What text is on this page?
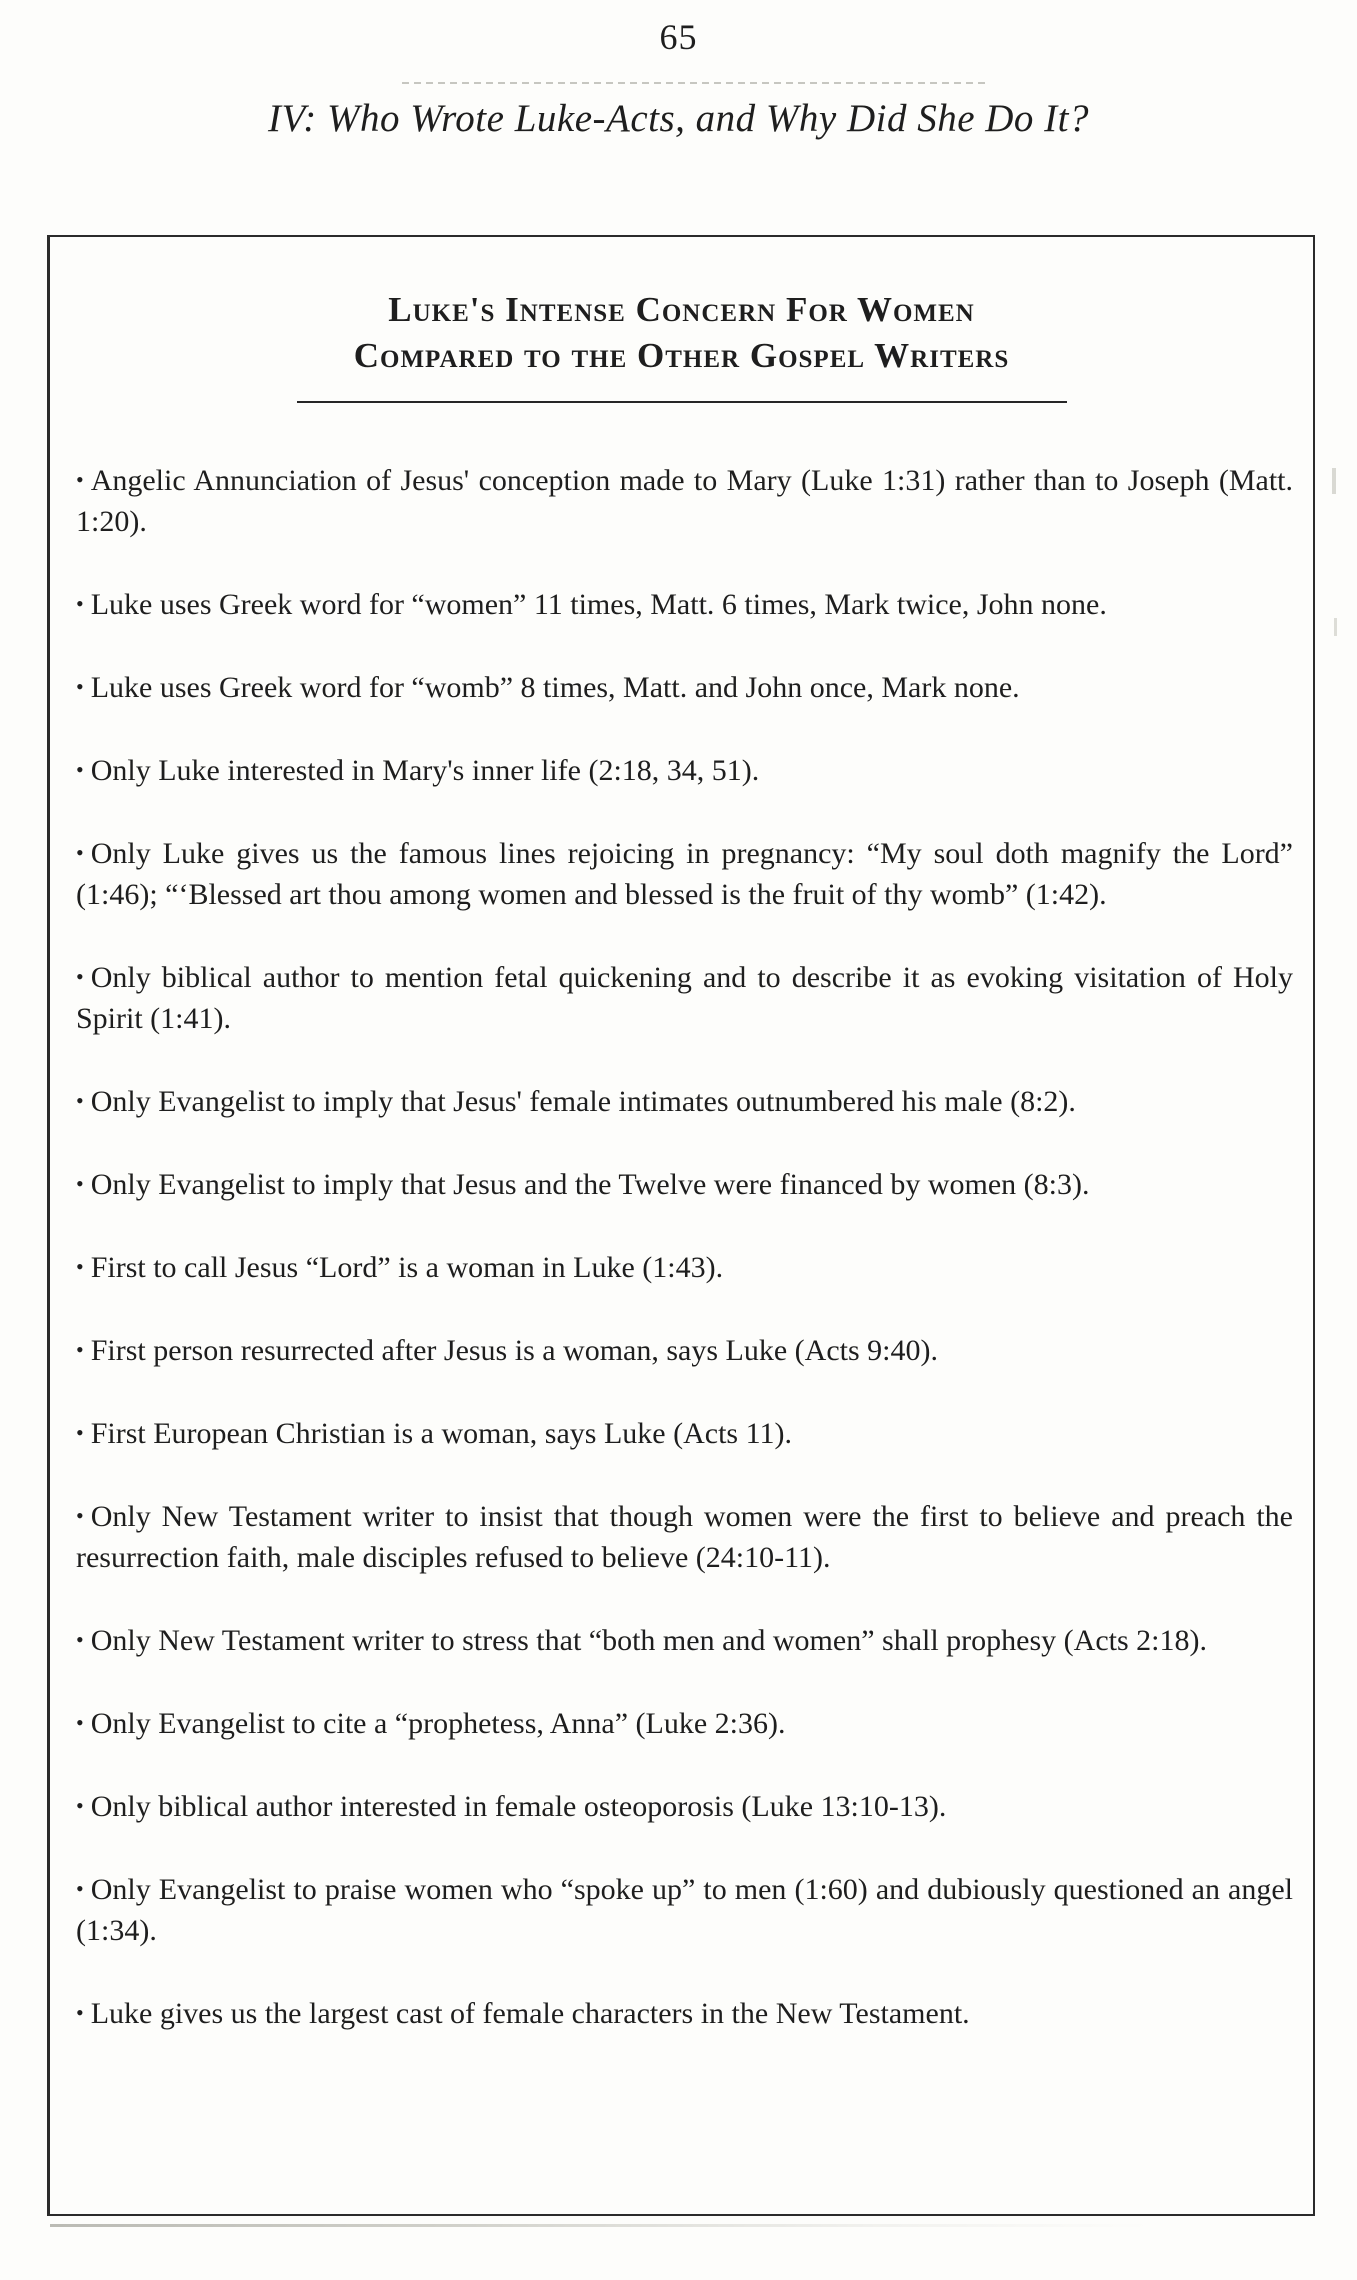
65
IV: Who Wrote Luke-Acts, and Why Did She Do It?
Luke's Intense Concern For Women
Compared to the Other Gospel Writers
• Angelic Annunciation of Jesus' conception made to Mary (Luke 1:31) rather than to Joseph (Matt. 1:20).
• Luke uses Greek word for “women” 11 times, Matt. 6 times, Mark twice, John none.
• Luke uses Greek word for “womb” 8 times, Matt. and John once, Mark none.
• Only Luke interested in Mary's inner life (2:18, 34, 51).
• Only Luke gives us the famous lines rejoicing in pregnancy: “My soul doth magnify the Lord” (1:46); “‘Blessed art thou among women and blessed is the fruit of thy womb” (1:42).
• Only biblical author to mention fetal quickening and to describe it as evoking visitation of Holy Spirit (1:41).
• Only Evangelist to imply that Jesus' female intimates outnumbered his male (8:2).
• Only Evangelist to imply that Jesus and the Twelve were financed by women (8:3).
• First to call Jesus “Lord” is a woman in Luke (1:43).
• First person resurrected after Jesus is a woman, says Luke (Acts 9:40).
• First European Christian is a woman, says Luke (Acts 11).
• Only New Testament writer to insist that though women were the first to believe and preach the resurrection faith, male disciples refused to believe (24:10-11).
• Only New Testament writer to stress that “both men and women” shall prophesy (Acts 2:18).
• Only Evangelist to cite a “prophetess, Anna” (Luke 2:36).
• Only biblical author interested in female osteoporosis (Luke 13:10-13).
• Only Evangelist to praise women who “spoke up” to men (1:60) and dubiously questioned an angel (1:34).
• Luke gives us the largest cast of female characters in the New Testament.
